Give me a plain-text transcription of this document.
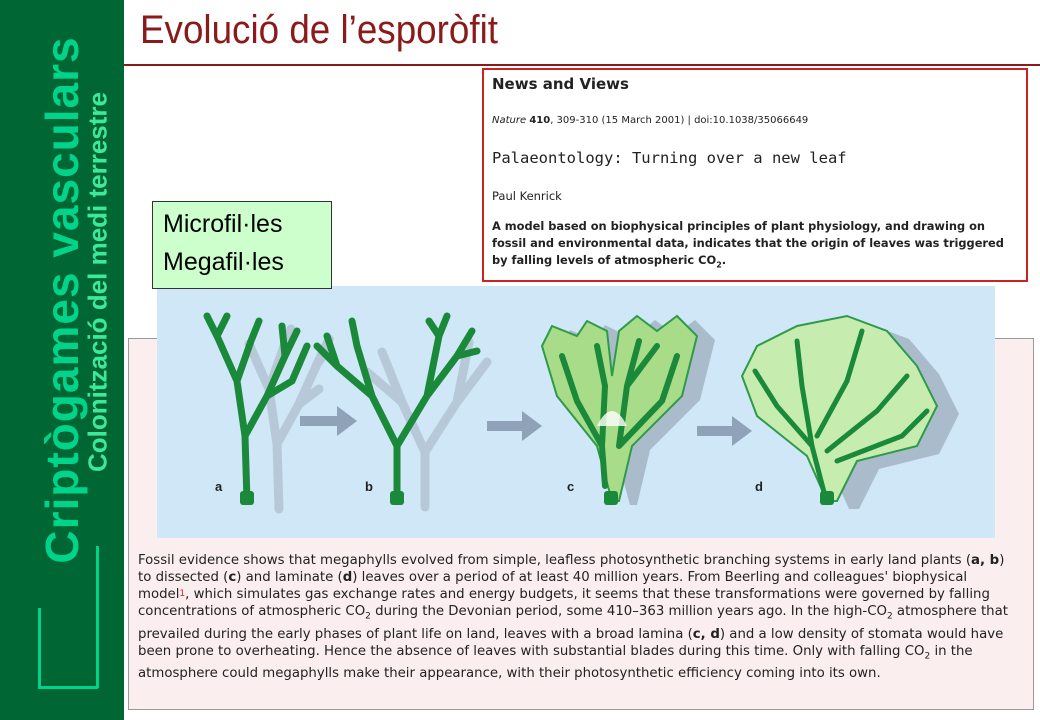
Criptògames vasculars
Colonització del medi terrestre
Evolució de l’esporòfit
News and Views
Nature 410, 309-310 (15 March 2001) | doi:10.1038/35066649
Palaeontology: Turning over a new leaf
Paul Kenrick
A model based on biophysical principles of plant physiology, and drawing on fossil and environmental data, indicates that the origin of leaves was triggered by falling levels of atmospheric $CO_2$.
a	b	c	d
Microfil·les
Megafil·les
Fossil evidence shows that megaphylls evolved from simple, leafless photosynthetic branching systems in early land plants (a, b) to dissected (c) and laminate (d) leaves over a period of at least 40 million years. From Beerling and colleagues' biophysical model$^1$, which simulates gas exchange rates and energy budgets, it seems that these transformations were governed by falling concentrations of atmospheric $CO_2$ during the Devonian period, some 410–363 million years ago. In the high-$CO_2$ atmosphere that prevailed during the early phases of plant life on land, leaves with a broad lamina (c, d) and a low density of stomata would have been prone to overheating. Hence the absence of leaves with substantial blades during this time. Only with falling $CO_2$ in the atmosphere could megaphylls make their appearance, with their photosynthetic efficiency coming into its own.
